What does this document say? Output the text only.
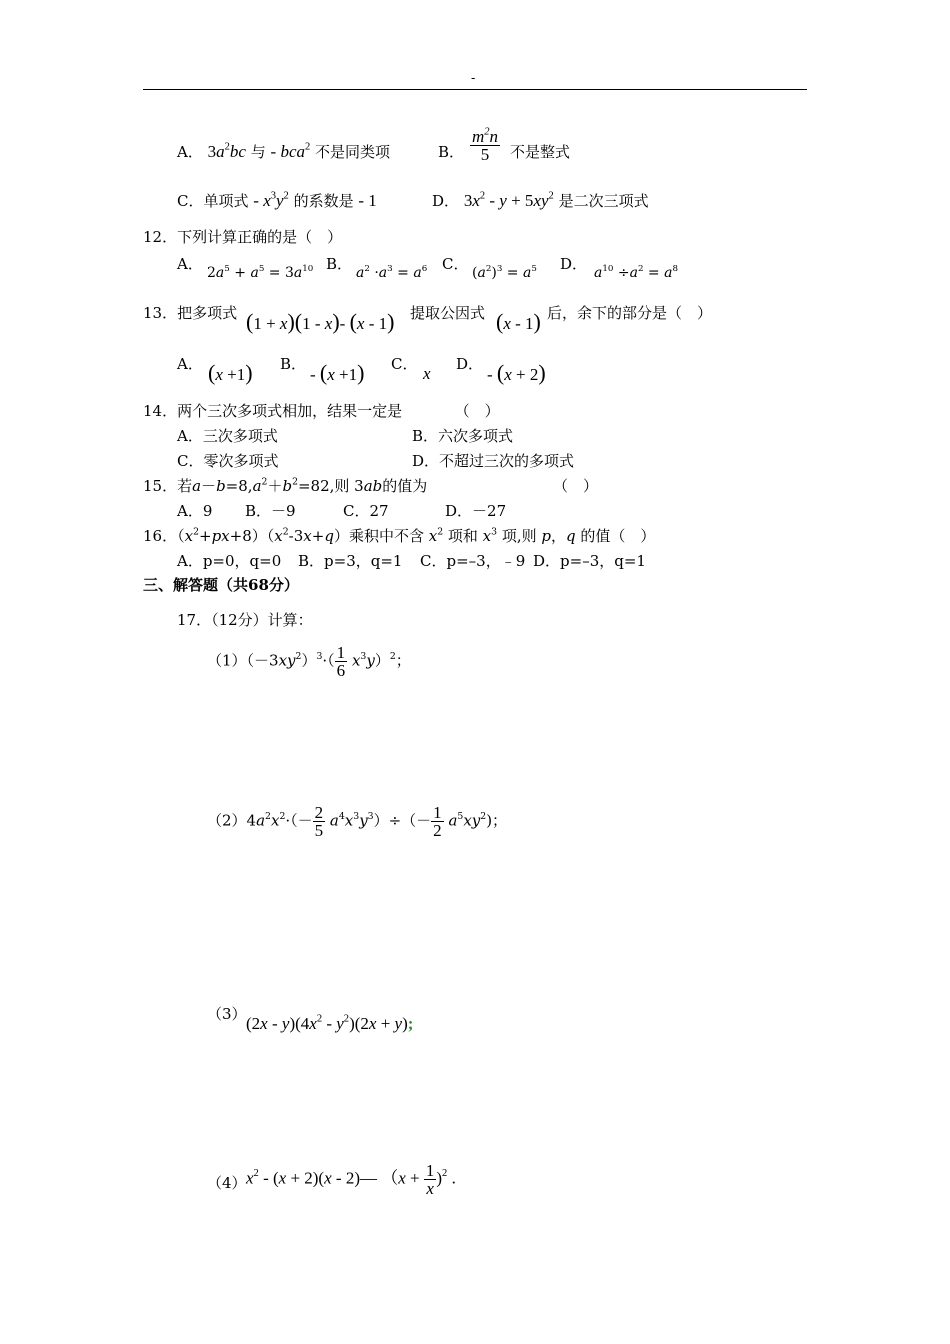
-
A． $3a^2bc$ 与 - bca$^2$ 不是同类项	B． $\frac{m^2n}{5}$ 不是整式
C．单项式 - $x^3y^2$ 的系数是 - 1	D． $3x^2 - y + 5xy^2$ 是二次三项式
12．下列计算正确的是（　）
A． $2a^5 + a^5 = 3a^{10}$ B． $a^2 \cdot a^3 = a^6$ C． $(a^2)^3 = a^5$ D． $a^{10} \div a^2 = a^8$
13．把多项式 (1 + x)(1 - x)- (x - 1) 提取公因式 (x - 1) 后，余下的部分是（　）
A． (x +1) B．
- (x +1) C． x D．
- (x + 2)
14．两个三次多项式相加，结果一定是　　　　（　）
A．三次多项式	B．六次多项式
C．零次多项式	D．不超过三次的多项式
15．若$a-b=8,a^2+b^2=82$,则 3ab的值为	（　）
A．9 B．－9	C．27	D．－27
16．$(x^2+px+8)(x^2-3x+q)$乘积中不含 $x^2$ 项和 $x^3$ 项,则 p，q 的值（　）
A．p=0，q=0 B．p=3，q=1 C．p=–3，﹣9 D．p=–3，q=1
三、解答题（共68分）
17．（12分）计算：
$(1)(-3xy^2)^3\cdot( \frac{1}{6} x^3y)^2$；
$(2)4a^2x^2\cdot(- \frac{2}{5} a^4x^3y^3)\div(- \frac{1}{2} a^5xy^2)$；
（3） $(2x - y)(4x^2 - y^2)(2x + y)$;
（4） $x^2 - (x + 2)(x$ - 2)— $(x + \frac{1}{x} )^2$ .
